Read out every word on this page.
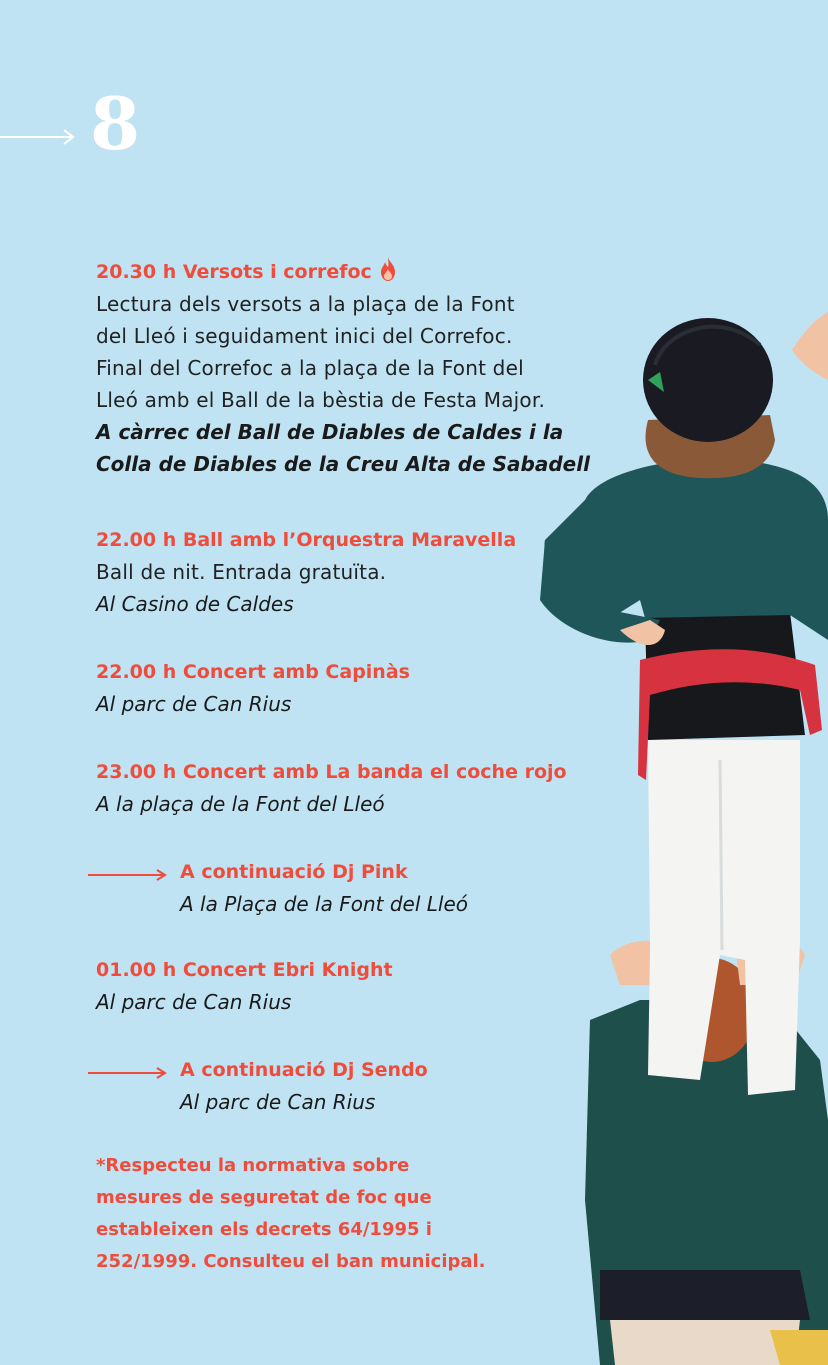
8
20.30 h Versots i correfoc
Lectura dels versots a la plaça de la Font
del Lleó i seguidament inici del Correfoc.
Final del Correfoc a la plaça de la Font del
Lleó amb el Ball de la bèstia de Festa Major.
A càrrec del Ball de Diables de Caldes i la
Colla de Diables de la Creu Alta de Sabadell
22.00 h Ball amb l’Orquestra Maravella
Ball de nit. Entrada gratuïta.
Al Casino de Caldes
22.00 h Concert amb Capinàs
Al parc de Can Rius
23.00 h Concert amb La banda el coche rojo
A la plaça de la Font del Lleó
A continuació Dj Pink
A la Plaça de la Font del Lleó
01.00 h Concert Ebri Knight
Al parc de Can Rius
A continuació Dj Sendo
Al parc de Can Rius
*Respecteu la normativa sobre
mesures de seguretat de foc que
estableixen els decrets 64/1995 i
252/1999. Consulteu el ban municipal.
